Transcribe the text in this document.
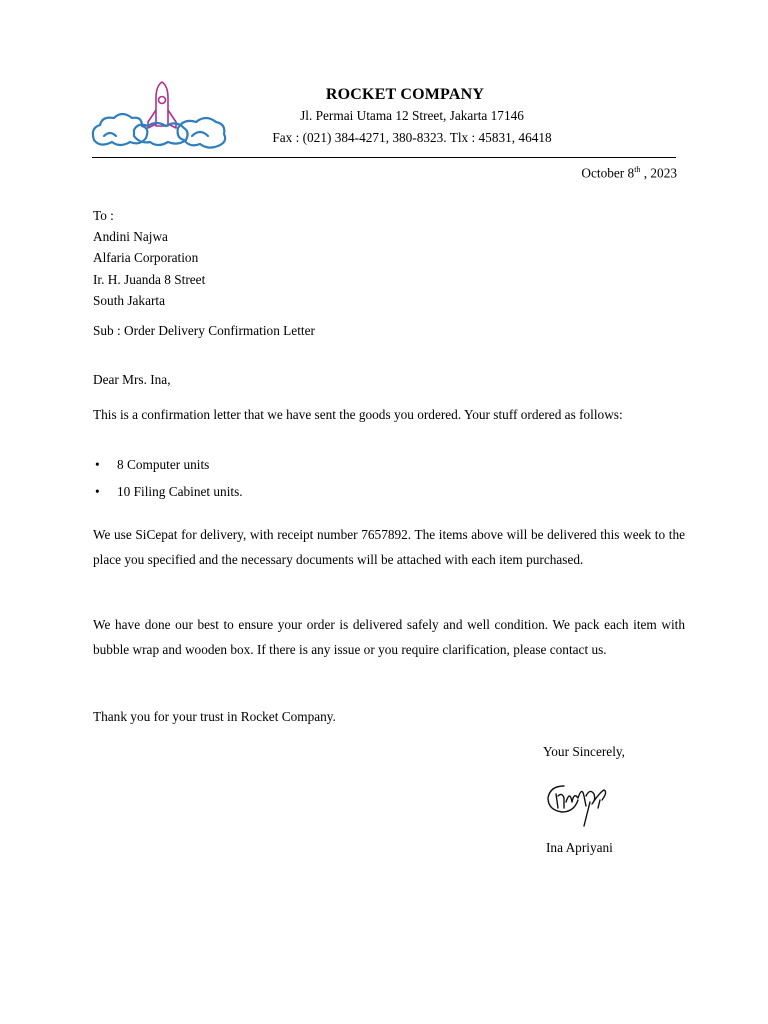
ROCKET COMPANY
Jl. Permai Utama 12 Street, Jakarta 17146
Fax : (021) 384-4271, 380-8323. Tlx : 45831, 46418
October 8th , 2023
To :
Andini Najwa
Alfaria Corporation
Ir. H. Juanda 8 Street
South Jakarta
Sub : Order Delivery Confirmation Letter
Dear Mrs. Ina,
This is a confirmation letter that we have sent the goods you ordered. Your stuff ordered as follows:
• 8 Computer units
• 10 Filing Cabinet units.
We use SiCepat for delivery, with receipt number 7657892. The items above will be delivered this week to the place you specified and the necessary documents will be attached with each item purchased.
We have done our best to ensure your order is delivered safely and well condition. We pack each item with bubble wrap and wooden box. If there is any issue or you require clarification, please contact us.
Thank you for your trust in Rocket Company.
Your Sincerely,
Ina Apriyani
